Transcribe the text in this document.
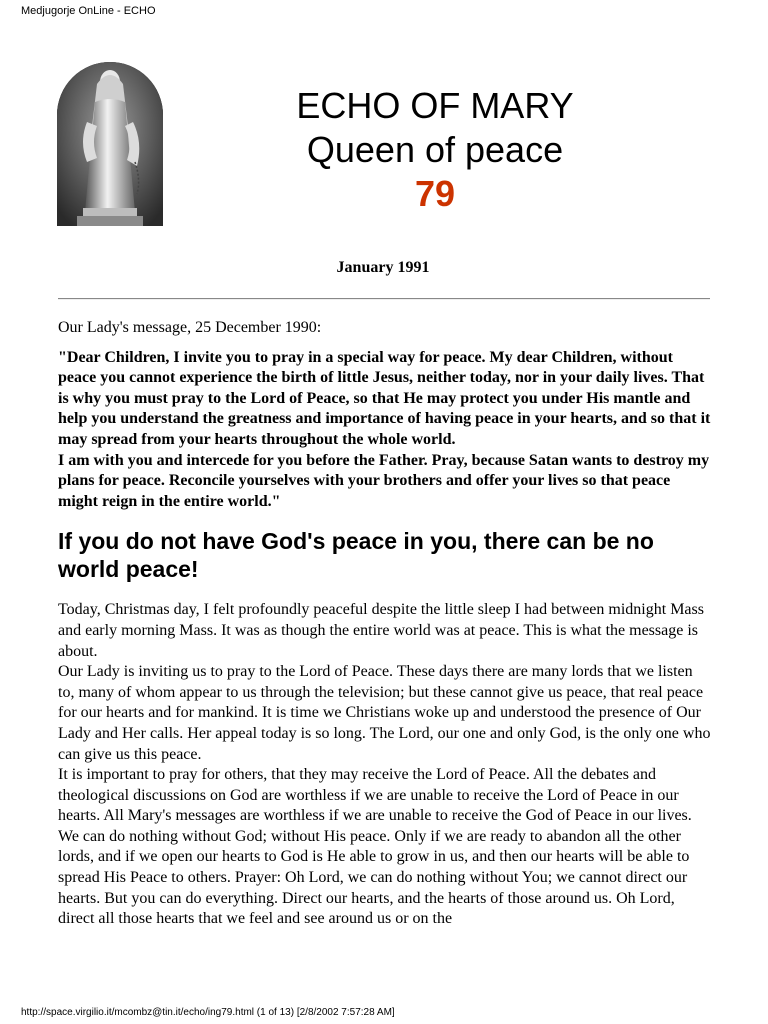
Medjugorje OnLine - ECHO
ECHO OF MARY
Queen of peace
79
January 1991

Our Lady's message, 25 December 1990:

"Dear Children, I invite you to pray in a special way for peace. My dear Children, without peace you cannot experience the birth of little Jesus, neither today, nor in your daily lives. That is why you must pray to the Lord of Peace, so that He may protect you under His mantle and help you understand the greatness and importance of having peace in your hearts, and so that it may spread from your hearts throughout the whole world.

I am with you and intercede for you before the Father. Pray, because Satan wants to destroy my plans for peace. Reconcile yourselves with your brothers and offer your lives so that peace might reign in the entire world."

If you do not have God's peace in you, there can be no world peace!

Today, Christmas day, I felt profoundly peaceful despite the little sleep I had between midnight Mass and early morning Mass. It was as though the entire world was at peace. This is what the message is about.

Our Lady is inviting us to pray to the Lord of Peace. These days there are many lords that we listen to, many of whom appear to us through the television; but these cannot give us peace, that real peace for our hearts and for mankind. It is time we Christians woke up and understood the presence of Our Lady and Her calls. Her appeal today is so long. The Lord, our one and only God, is the only one who can give us this peace.

It is important to pray for others, that they may receive the Lord of Peace. All the debates and theological discussions on God are worthless if we are unable to receive the Lord of Peace in our hearts. All Mary's messages are worthless if we are unable to receive the God of Peace in our lives.

We can do nothing without God; without His peace. Only if we are ready to abandon all the other lords, and if we open our hearts to God is He able to grow in us, and then our hearts will be able to spread His Peace to others. Prayer: Oh Lord, we can do nothing without You; we cannot direct our hearts. But you can do everything. Direct our hearts, and the hearts of those around us. Oh Lord, direct all those hearts that we feel and see around us or on the

http://space.virgilio.it/mcombz@tin.it/echo/ing79.html (1 of 13) [2/8/2002 7:57:28 AM]
